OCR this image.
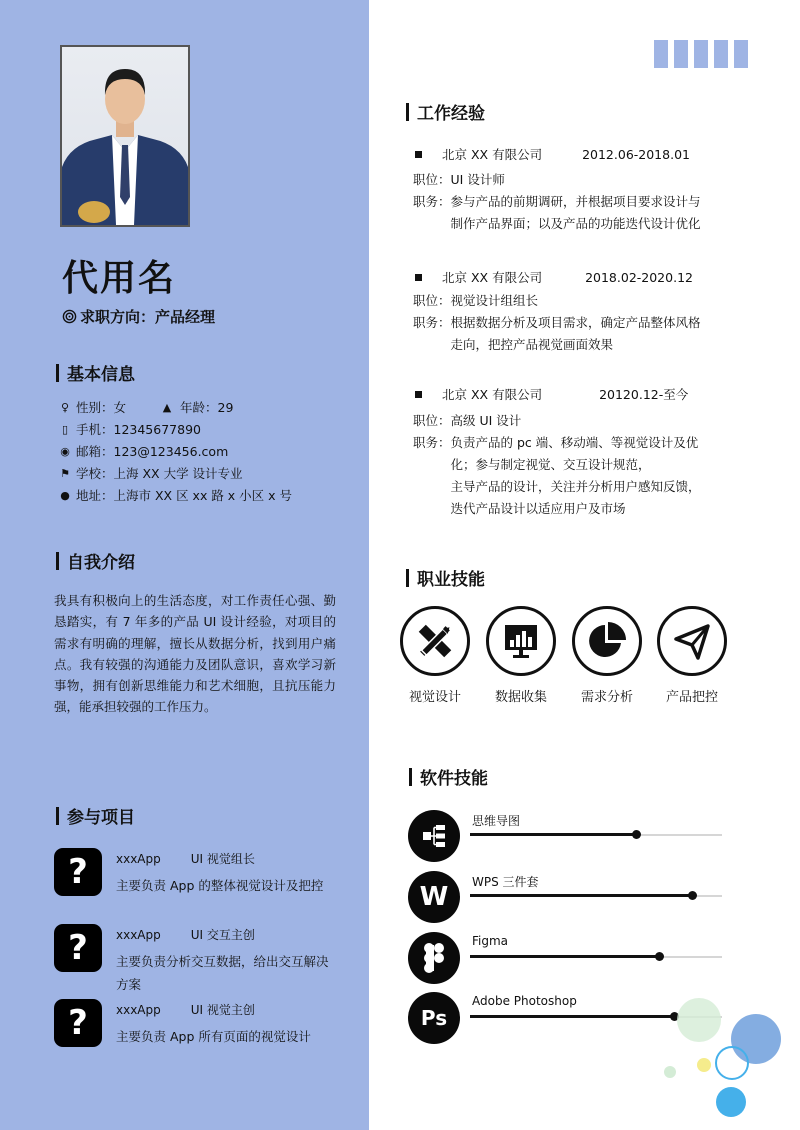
代用名
求职方向：产品经理
基本信息
♀ 性别：女	▲ 年龄：29
▯ 手机：12345677890
◉ 邮箱：123@123456.com
⚑ 学校：上海 XX 大学 设计专业
● 地址：上海市 XX 区 xx 路 x 小区 x 号
自我介绍
我具有积极向上的生活态度，对工作责任心强、勤恳踏实，有 7 年多的产品 UI 设计经验，对项目的需求有明确的理解，擅长从数据分析，找到用户痛点。我有较强的沟通能力及团队意识，喜欢学习新事物，拥有创新思维能力和艺术细胞，且抗压能力强，能承担较强的工作压力。
参与项目
?	xxxApp	UI 视觉组长
主要负责 App 的整体视觉设计及把控
?	xxxApp	UI 交互主创
主要负责分析交互数据，给出交互解决方案
?	xxxApp	UI 视觉主创
主要负责 App 所有页面的视觉设计
工作经验
北京 XX 有限公司	2012.06-2018.01
职位： UI 设计师
职务： 参与产品的前期调研，并根据项目要求设计与
制作产品界面；以及产品的功能迭代设计优化
北京 XX 有限公司	2018.02-2020.12
职位： 视觉设计组组长
职务： 根据数据分析及项目需求，确定产品整体风格
走向，把控产品视觉画面效果
北京 XX 有限公司	20120.12-至今
职位： 高级 UI 设计
职务： 负责产品的 pc 端、移动端、等视觉设计及优
化；参与制定视觉、交互设计规范，
主导产品的设计，关注并分析用户感知反馈，
迭代产品设计以适应用户及市场
职业技能
视觉设计	数据收集	需求分析	产品把控
软件技能
思维导图
W WPS 三件套
Figma
Ps
Adobe Photoshop
